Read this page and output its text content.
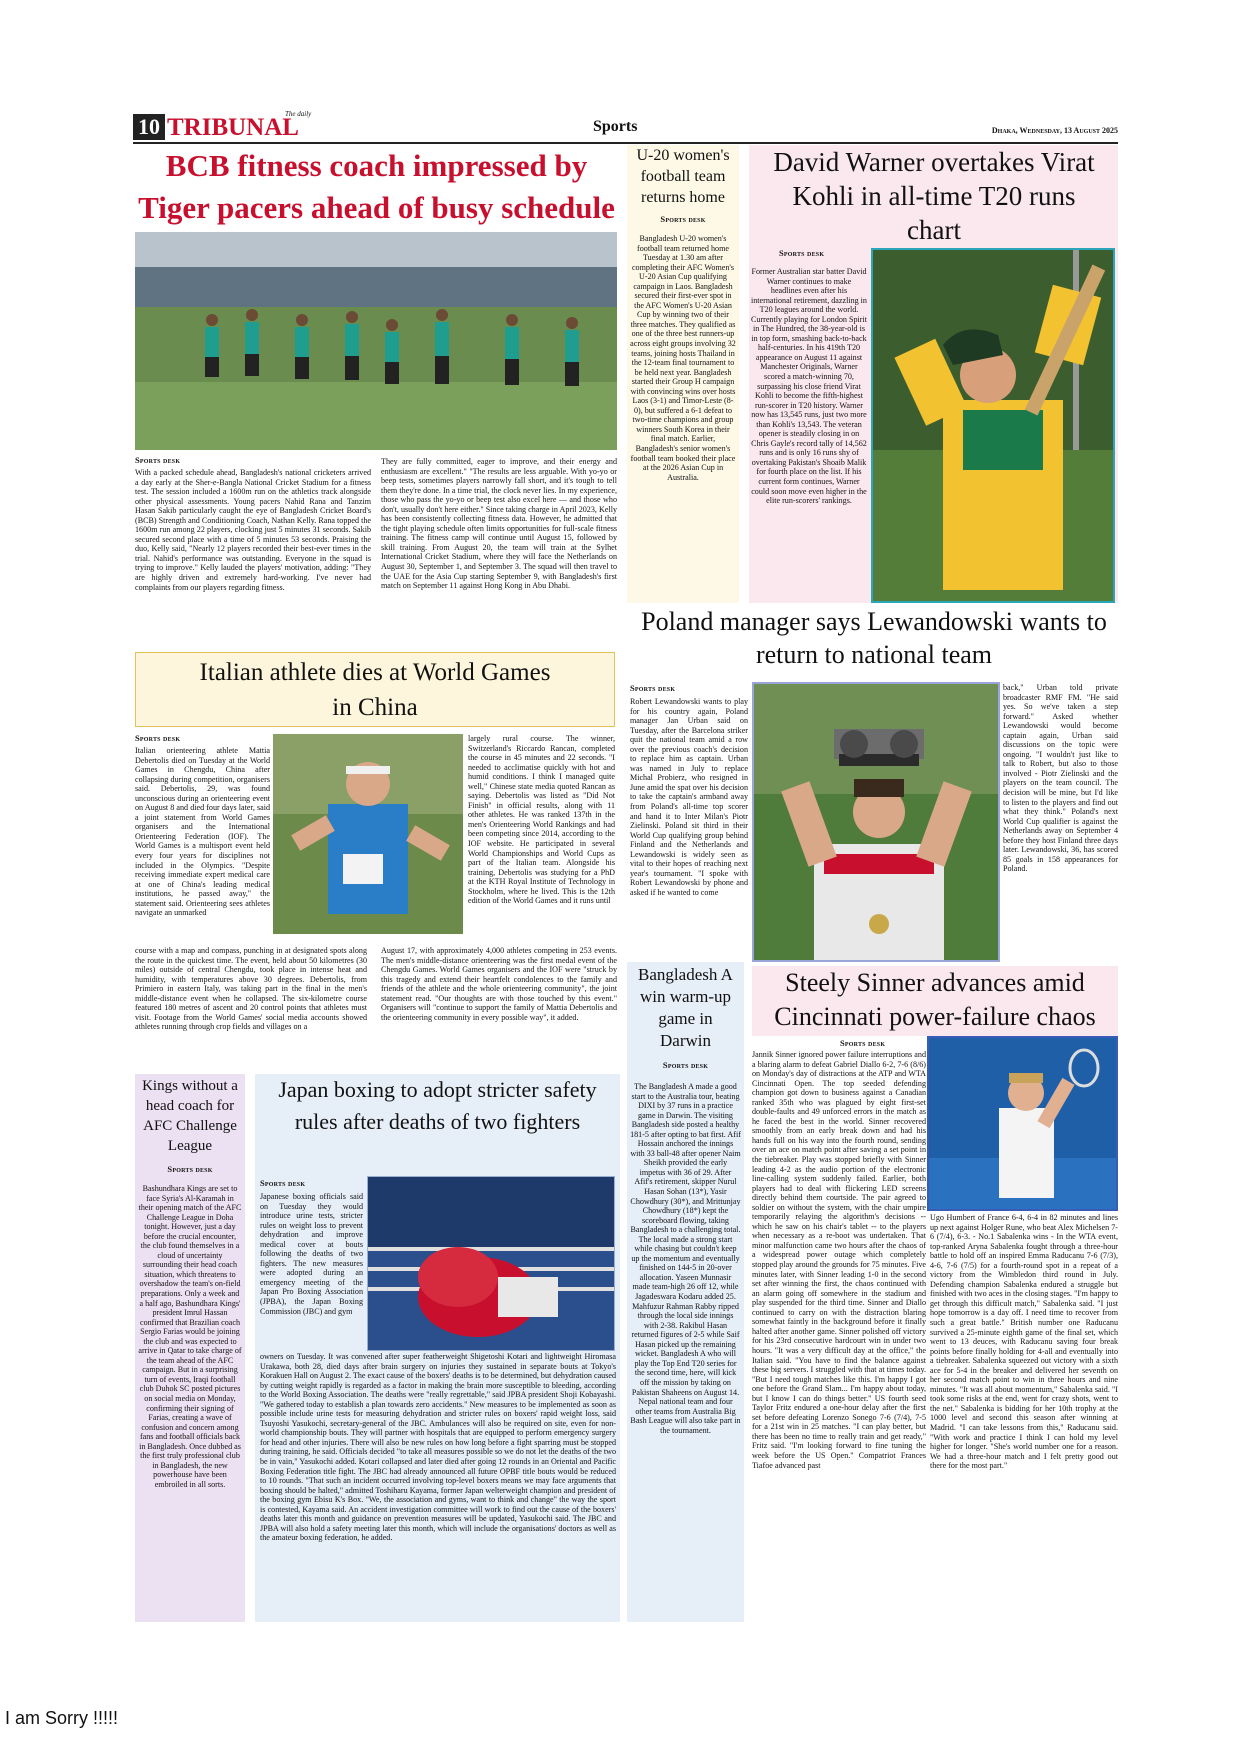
10	The daily
TRIBUNAL	Sports	Dhaka, Wednesday, 13 August 2025
BCB fitness coach impressed by
Tiger pacers ahead of busy schedule
Sports desk
With a packed schedule ahead, Bangladesh's national cricketers arrived a day early at the Sher-e-Bangla National Cricket Stadium for a fitness test. The session included a 1600m run on the athletics track alongside other physical assessments. Young pacers Nahid Rana and Tanzim Hasan Sakib particularly caught the eye of Bangladesh Cricket Board's (BCB) Strength and Conditioning Coach, Nathan Kelly. Rana topped the 1600m run among 22 players, clocking just 5 minutes 31 seconds. Sakib secured second place with a time of 5 minutes 53 seconds. Praising the duo, Kelly said, "Nearly 12 players recorded their best-ever times in the trial. Nahid's performance was outstanding. Everyone in the squad is trying to improve." Kelly lauded the players' motivation, adding: "They are highly driven and extremely hard-working. I've never had complaints from our players regarding fitness.
They are fully committed, eager to improve, and their energy and enthusiasm are excellent." "The results are less arguable. With yo-yo or beep tests, sometimes players narrowly fall short, and it's tough to tell them they're done. In a time trial, the clock never lies. In my experience, those who pass the yo-yo or beep test also excel here — and those who don't, usually don't here either." Since taking charge in April 2023, Kelly has been consistently collecting fitness data. However, he admitted that the tight playing schedule often limits opportunities for full-scale fitness training. The fitness camp will continue until August 15, followed by skill training. From August 20, the team will train at the Sylhet International Cricket Stadium, where they will face the Netherlands on August 30, September 1, and September 3. The squad will then travel to the UAE for the Asia Cup starting September 9, with Bangladesh's first match on September 11 against Hong Kong in Abu Dhabi.
U-20 women's football team returns home
Sports desk
Bangladesh U-20 women's football team returned home Tuesday at 1.30 am after completing their AFC Women's U-20 Asian Cup qualifying campaign in Laos. Bangladesh secured their first-ever spot in the AFC Women's U-20 Asian Cup by winning two of their three matches. They qualified as one of the three best runners-up across eight groups involving 32 teams, joining hosts Thailand in the 12-team final tournament to be held next year. Bangladesh started their Group H campaign with convincing wins over hosts Laos (3-1) and Timor-Leste (8-0), but suffered a 6-1 defeat to two-time champions and group winners South Korea in their final match. Earlier, Bangladesh's senior women's football team booked their place at the 2026 Asian Cup in Australia.
David Warner overtakes Virat Kohli in all-time T20 runs chart
Sports desk
Former Australian star batter David Warner continues to make headlines even after his international retirement, dazzling in T20 leagues around the world. Currently playing for London Spirit in The Hundred, the 38-year-old is in top form, smashing back-to-back half-centuries. In his 419th T20 appearance on August 11 against Manchester Originals, Warner scored a match-winning 70, surpassing his close friend Virat Kohli to become the fifth-highest run-scorer in T20 history. Warner now has 13,545 runs, just two more than Kohli's 13,543. The veteran opener is steadily closing in on Chris Gayle's record tally of 14,562 runs and is only 16 runs shy of overtaking Pakistan's Shoaib Malik for fourth place on the list. If his current form continues, Warner could soon move even higher in the elite run-scorers' rankings.
Poland manager says Lewandowski wants to return to national team
Sports desk
Robert Lewandowski wants to play for his country again, Poland manager Jan Urban said on Tuesday, after the Barcelona striker quit the national team amid a row over the previous coach's decision to replace him as captain. Urban was named in July to replace Michal Probierz, who resigned in June amid the spat over his decision to take the captain's armband away from Poland's all-time top scorer and hand it to Inter Milan's Piotr Zielinski. Poland sit third in their World Cup qualifying group behind Finland and the Netherlands and Lewandowski is widely seen as vital to their hopes of reaching next year's tournament. "I spoke with Robert Lewandowski by phone and asked if he wanted to come
back," Urban told private broadcaster RMF FM. "He said yes. So we've taken a step forward." Asked whether Lewandowski would become captain again, Urban said discussions on the topic were ongoing. "I wouldn't just like to talk to Robert, but also to those involved - Piotr Zielinski and the players on the team council. The decision will be mine, but I'd like to listen to the players and find out what they think." Poland's next World Cup qualifier is against the Netherlands away on September 4 before they host Finland three days later. Lewandowski, 36, has scored 85 goals in 158 appearances for Poland.
Italian athlete dies at World Games in China
Sports desk
Italian orienteering athlete Mattia Debertolis died on Tuesday at the World Games in Chengdu, China after collapsing during competition, organisers said. Debertolis, 29, was found unconscious during an orienteering event on August 8 and died four days later, said a joint statement from World Games organisers and the International Orienteering Federation (IOF). The World Games is a multisport event held every four years for disciplines not included in the Olympics. "Despite receiving immediate expert medical care at one of China's leading medical institutions, he passed away," the statement said. Orienteering sees athletes navigate an unmarked
largely rural course. The winner, Switzerland's Riccardo Rancan, completed the course in 45 minutes and 22 seconds. "I needed to acclimatise quickly with hot and humid conditions. I think I managed quite well," Chinese state media quoted Rancan as saying. Debertolis was listed as "Did Not Finish" in official results, along with 11 other athletes. He was ranked 137th in the men's Orienteering World Rankings and had been competing since 2014, according to the IOF website. He participated in several World Championships and World Cups as part of the Italian team. Alongside his training, Debertolis was studying for a PhD at the KTH Royal Institute of Technology in Stockholm, where he lived. This is the 12th edition of the World Games and it runs until
course with a map and compass, punching in at designated spots along the route in the quickest time. The event, held about 50 kilometres (30 miles) outside of central Chengdu, took place in intense heat and humidity, with temperatures above 30 degrees. Debertolis, from Primiero in eastern Italy, was taking part in the final in the men's middle-distance event when he collapsed. The six-kilometre course featured 180 metres of ascent and 20 control points that athletes must visit. Footage from the World Games' social media accounts showed athletes running through crop fields and villages on a
August 17, with approximately 4,000 athletes competing in 253 events. The men's middle-distance orienteering was the first medal event of the Chengdu Games. World Games organisers and the IOF were "struck by this tragedy and extend their heartfelt condolences to the family and friends of the athlete and the whole orienteering community", the joint statement read. "Our thoughts are with those touched by this event." Organisers will "continue to support the family of Mattia Debertolis and the orienteering community in every possible way", it added.
Bangladesh A win warm-up game in Darwin
Sports desk
The Bangladesh A made a good start to the Australia tour, beating DIXI by 37 runs in a practice game in Darwin. The visiting Bangladesh side posted a healthy 181-5 after opting to bat first. Afif Hossain anchored the innings with 33 ball-48 after opener Naim Sheikh provided the early impetus with 36 of 29. After Afif's retirement, skipper Nurul Hasan Sohan (13*), Yasir Chowdhury (30*), and Mrittunjay Chowdhury (18*) kept the scoreboard flowing, taking Bangladesh to a challenging total. The local made a strong start while chasing but couldn't keep up the momentum and eventually finished on 144-5 in 20-over allocation. Yaseen Munnasir made team-high 26 off 12, while Jagadeswara Kodaru added 25. Mahfuzur Rahman Rabby ripped through the local side innings with 2-38. Rakibul Hasan returned figures of 2-5 while Saif Hasan picked up the remaining wicket. Bangladesh A who will play the Top End T20 series for the second time, here, will kick off the mission by taking on Pakistan Shaheens on August 14. Nepal national team and four other teams from Australia Big Bash League will also take part in the tournament.
Steely Sinner advances amid Cincinnati power-failure chaos
Sports desk
Jannik Sinner ignored power failure interruptions and a blaring alarm to defeat Gabriel Diallo 6-2, 7-6 (8/6) on Monday's day of distractions at the ATP and WTA Cincinnati Open. The top seeded defending champion got down to business against a Canadian ranked 35th who was plagued by eight first-set double-faults and 49 unforced errors in the match as he faced the best in the world. Sinner recovered smoothly from an early break down and had his hands full on his way into the fourth round, sending over an ace on match point after saving a set point in the tiebreaker. Play was stopped briefly with Sinner leading 4-2 as the audio portion of the electronic line-calling system suddenly failed. Earlier, both players had to deal with flickering LED screens directly behind them courtside. The pair agreed to soldier on without the system, with the chair umpire temporarily relaying the algorithm's decisions -- which he saw on his chair's tablet -- to the players when necessary as a re-boot was undertaken. That minor malfunction came two hours after the chaos of a widespread power outage which completely stopped play around the grounds for 75 minutes. Five minutes later, with Sinner leading 1-0 in the second set after winning the first, the chaos continued with an alarm going off somewhere in the stadium and play suspended for the third time. Sinner and Diallo continued to carry on with the distraction blaring somewhat faintly in the background before it finally halted after another game. Sinner polished off victory for his 23rd consecutive hardcourt win in under two hours. "It was a very difficult day at the office," the Italian said. "You have to find the balance against these big servers. I struggled with that at times today. "But I need tough matches like this. I'm happy I got one before the Grand Slam... I'm happy about today, but I know I can do things better." US fourth seed Taylor Fritz endured a one-hour delay after the first set before defeating Lorenzo Sonego 7-6 (7/4), 7-5 for a 21st win in 25 matches. "I can play better, but there has been no time to really train and get ready," Fritz said. "I'm looking forward to fine tuning the week before the US Open." Compatriot Frances Tiafoe advanced past
Ugo Humbert of France 6-4, 6-4 in 82 minutes and lines up next against Holger Rune, who beat Alex Michelsen 7-6 (7/4), 6-3. - No.1 Sabalenka wins - In the WTA event, top-ranked Aryna Sabalenka fought through a three-hour battle to hold off an inspired Emma Raducanu 7-6 (7/3), 4-6, 7-6 (7/5) for a fourth-round spot in a repeat of a victory from the Wimbledon third round in July. Defending champion Sabalenka endured a struggle but finished with two aces in the closing stages. "I'm happy to get through this difficult match," Sabalenka said. "I just hope tomorrow is a day off. I need time to recover from such a great battle." British number one Raducanu survived a 25-minute eighth game of the final set, which went to 13 deuces, with Raducanu saving four break points before finally holding for 4-all and eventually into a tiebreaker. Sabalenka squeezed out victory with a sixth ace for 5-4 in the breaker and delivered her seventh on her second match point to win in three hours and nine minutes. "It was all about momentum," Sabalenka said. "I took some risks at the end, went for crazy shots, went to the net." Sabalenka is bidding for her 10th trophy at the 1000 level and second this season after winning at Madrid. "I can take lessons from this," Raducanu said. "With work and practice I think I can hold my level higher for longer. "She's world number one for a reason. We had a three-hour match and I felt pretty good out there for the most part."
Kings without a head coach for AFC Challenge League
Sports desk
Bashundhara Kings are set to face Syria's Al-Karamah in their opening match of the AFC Challenge League in Doha tonight. However, just a day before the crucial encounter, the club found themselves in a cloud of uncertainty surrounding their head coach situation, which threatens to overshadow the team's on-field preparations. Only a week and a half ago, Bashundhara Kings' president Imrul Hassan confirmed that Brazilian coach Sergio Farias would be joining the club and was expected to arrive in Qatar to take charge of the team ahead of the AFC campaign. But in a surprising turn of events, Iraqi football club Duhok SC posted pictures on social media on Monday, confirming their signing of Farias, creating a wave of confusion and concern among fans and football officials back in Bangladesh. Once dubbed as the first truly professional club in Bangladesh, the new powerhouse have been embroiled in all sorts.
Japan boxing to adopt stricter safety rules after deaths of two fighters
Sports desk
Japanese boxing officials said on Tuesday they would introduce urine tests, stricter rules on weight loss to prevent dehydration and improve medical cover at bouts following the deaths of two fighters. The new measures were adopted during an emergency meeting of the Japan Pro Boxing Association (JPBA), the Japan Boxing Commission (JBC) and gym
owners on Tuesday. It was convened after super featherweight Shigetoshi Kotari and lightweight Hiromasa Urakawa, both 28, died days after brain surgery on injuries they sustained in separate bouts at Tokyo's Korakuen Hall on August 2. The exact cause of the boxers' deaths is to be determined, but dehydration caused by cutting weight rapidly is regarded as a factor in making the brain more susceptible to bleeding, according to the World Boxing Association. The deaths were "really regrettable," said JPBA president Shoji Kobayashi. "We gathered today to establish a plan towards zero accidents." New measures to be implemented as soon as possible include urine tests for measuring dehydration and stricter rules on boxers' rapid weight loss, said Tsuyoshi Yasukochi, secretary-general of the JBC. Ambulances will also be required on site, even for non-world championship bouts. They will partner with hospitals that are equipped to perform emergency surgery for head and other injuries. There will also be new rules on how long before a fight sparring must be stopped during training, he said. Officials decided "to take all measures possible so we do not let the deaths of the two be in vain," Yasukochi added. Kotari collapsed and later died after going 12 rounds in an Oriental and Pacific Boxing Federation title fight. The JBC had already announced all future OPBF title bouts would be reduced to 10 rounds. "That such an incident occurred involving top-level boxers means we may face arguments that boxing should be halted," admitted Toshiharu Kayama, former Japan welterweight champion and president of the boxing gym Ebisu K's Box. "We, the association and gyms, want to think and change" the way the sport is contested, Kayama said. An accident investigation committee will work to find out the cause of the boxers' deaths later this month and guidance on prevention measures will be updated, Yasukochi said. The JBC and JPBA will also hold a safety meeting later this month, which will include the organisations' doctors as well as the amateur boxing federation, he added.
I am Sorry !!!!!
